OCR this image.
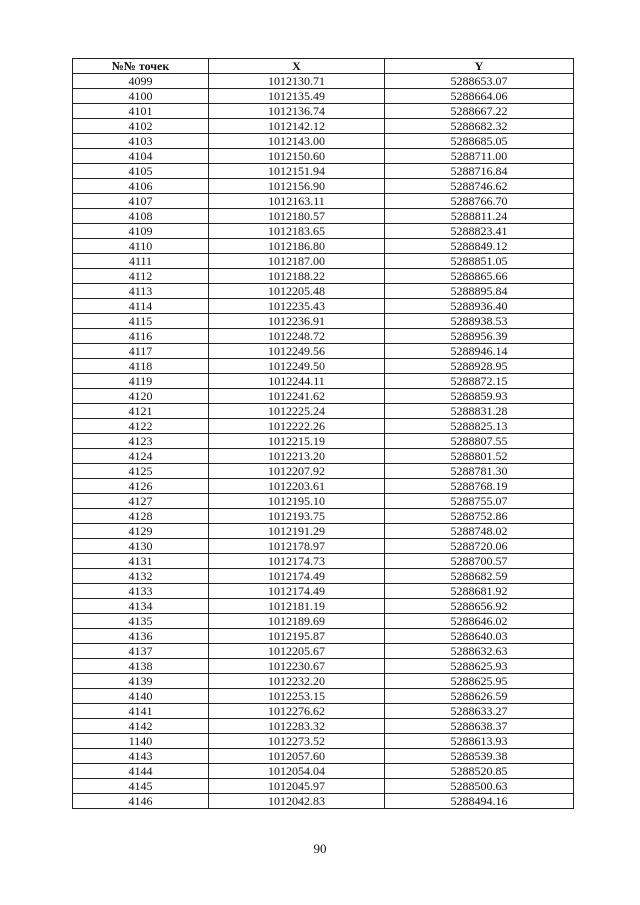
№№ точек	X	Y
4099	1012130.71	5288653.07
4100	1012135.49	5288664.06
4101	1012136.74	5288667.22
4102	1012142.12	5288682.32
4103	1012143.00	5288685.05
4104	1012150.60	5288711.00
4105	1012151.94	5288716.84
4106	1012156.90	5288746.62
4107	1012163.11	5288766.70
4108	1012180.57	5288811.24
4109	1012183.65	5288823.41
4110	1012186.80	5288849.12
4111	1012187.00	5288851.05
4112	1012188.22	5288865.66
4113	1012205.48	5288895.84
4114	1012235.43	5288936.40
4115	1012236.91	5288938.53
4116	1012248.72	5288956.39
4117	1012249.56	5288946.14
4118	1012249.50	5288928.95
4119	1012244.11	5288872.15
4120	1012241.62	5288859.93
4121	1012225.24	5288831.28
4122	1012222.26	5288825.13
4123	1012215.19	5288807.55
4124	1012213.20	5288801.52
4125	1012207.92	5288781.30
4126	1012203.61	5288768.19
4127	1012195.10	5288755.07
4128	1012193.75	5288752.86
4129	1012191.29	5288748.02
4130	1012178.97	5288720.06
4131	1012174.73	5288700.57
4132	1012174.49	5288682.59
4133	1012174.49	5288681.92
4134	1012181.19	5288656.92
4135	1012189.69	5288646.02
4136	1012195.87	5288640.03
4137	1012205.67	5288632.63
4138	1012230.67	5288625.93
4139	1012232.20	5288625.95
4140	1012253.15	5288626.59
4141	1012276.62	5288633.27
4142	1012283.32	5288638.37
1140	1012273.52	5288613.93
4143	1012057.60	5288539.38
4144	1012054.04	5288520.85
4145	1012045.97	5288500.63
4146	1012042.83	5288494.16
90
